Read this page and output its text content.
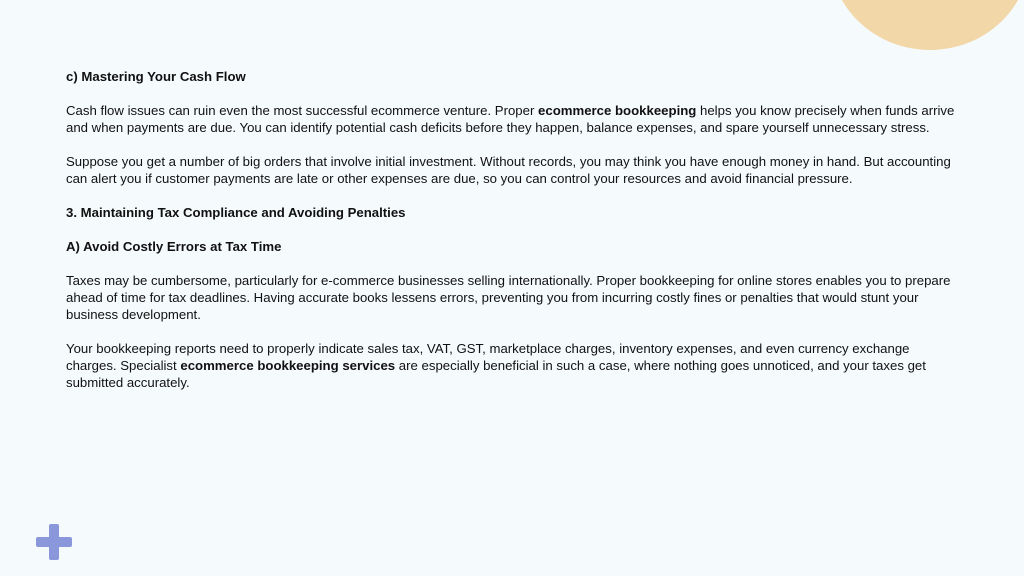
c) Mastering Your Cash Flow

Cash flow issues can ruin even the most successful ecommerce venture. Proper ecommerce bookkeeping helps you know precisely when funds arrive and when payments are due. You can identify potential cash deficits before they happen, balance expenses, and spare yourself unnecessary stress.

Suppose you get a number of big orders that involve initial investment. Without records, you may think you have enough money in hand. But accounting can alert you if customer payments are late or other expenses are due, so you can control your resources and avoid financial pressure.

3. Maintaining Tax Compliance and Avoiding Penalties

A) Avoid Costly Errors at Tax Time

Taxes may be cumbersome, particularly for e-commerce businesses selling internationally. Proper bookkeeping for online stores enables you to prepare ahead of time for tax deadlines. Having accurate books lessens errors, preventing you from incurring costly fines or penalties that would stunt your business development.

Your bookkeeping reports need to properly indicate sales tax, VAT, GST, marketplace charges, inventory expenses, and even currency exchange charges. Specialist ecommerce bookkeeping services are especially beneficial in such a case, where nothing goes unnoticed, and your taxes get submitted accurately.
